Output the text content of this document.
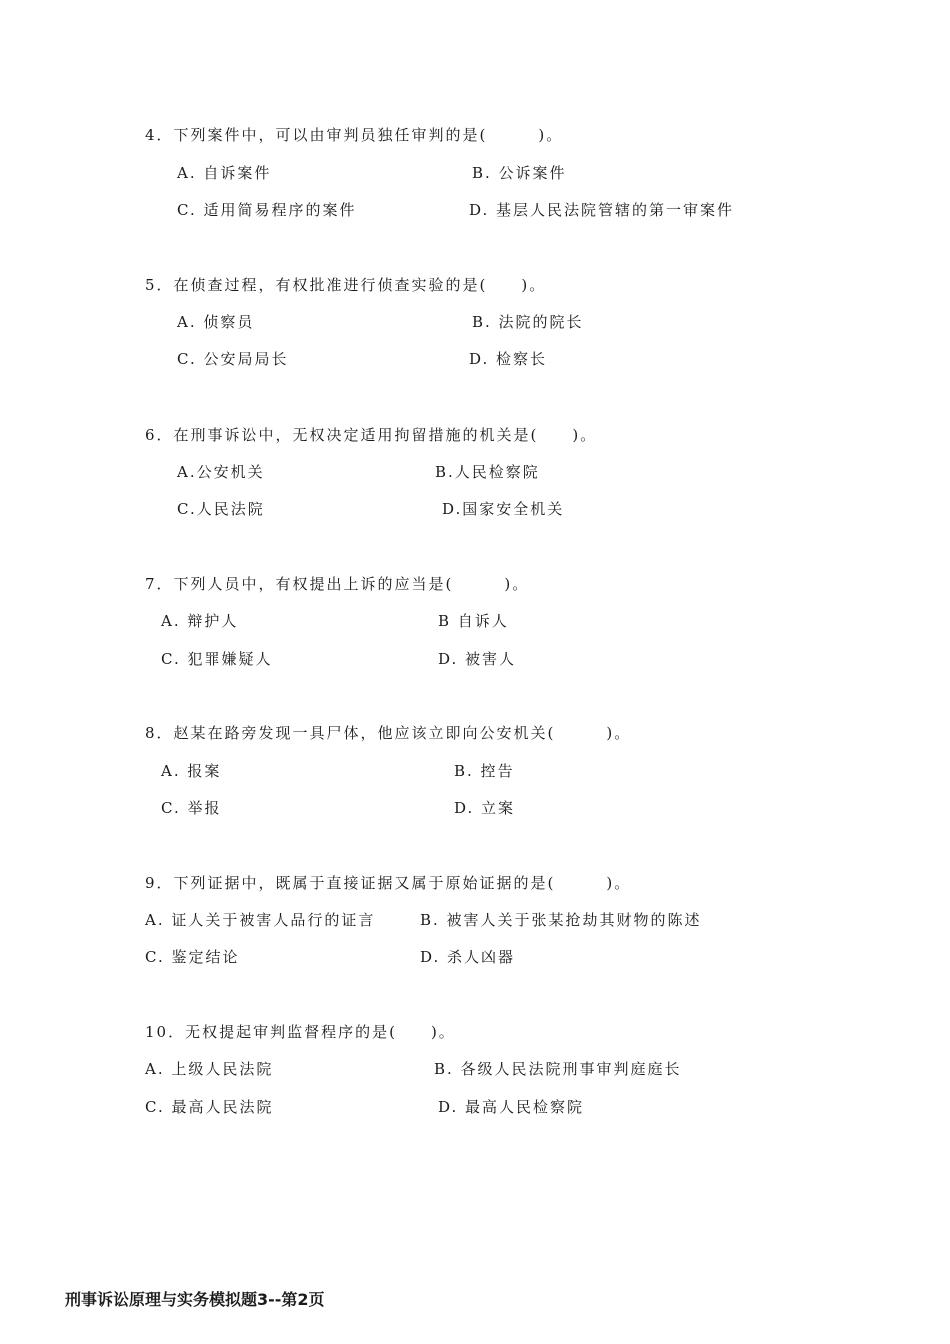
4．下列案件中，可以由审判员独任审判的是(　　　)。
A. 自诉案件	B. 公诉案件
C. 适用简易程序的案件	D. 基层人民法院管辖的第一审案件
5．在侦查过程，有权批准进行侦查实验的是(　　)。
A. 侦察员	B. 法院的院长
C. 公安局局长	D. 检察长
6．在刑事诉讼中，无权决定适用拘留措施的机关是(　　)。
A.公安机关	B.人民检察院
C.人民法院	D.国家安全机关
7．下列人员中，有权提出上诉的应当是(　　　)。
A. 辩护人	B 自诉人
C. 犯罪嫌疑人	D. 被害人
8．赵某在路旁发现一具尸体，他应该立即向公安机关(　　　)。
A. 报案	B. 控告
C. 举报	D. 立案
9．下列证据中，既属于直接证据又属于原始证据的是(　　　)。
A. 证人关于被害人品行的证言	B. 被害人关于张某抢劫其财物的陈述
C. 鉴定结论	D. 杀人凶器
10．无权提起审判监督程序的是(　　)。
A. 上级人民法院	B. 各级人民法院刑事审判庭庭长
C. 最高人民法院	D. 最高人民检察院
刑事诉讼原理与实务模拟题3--第2页
